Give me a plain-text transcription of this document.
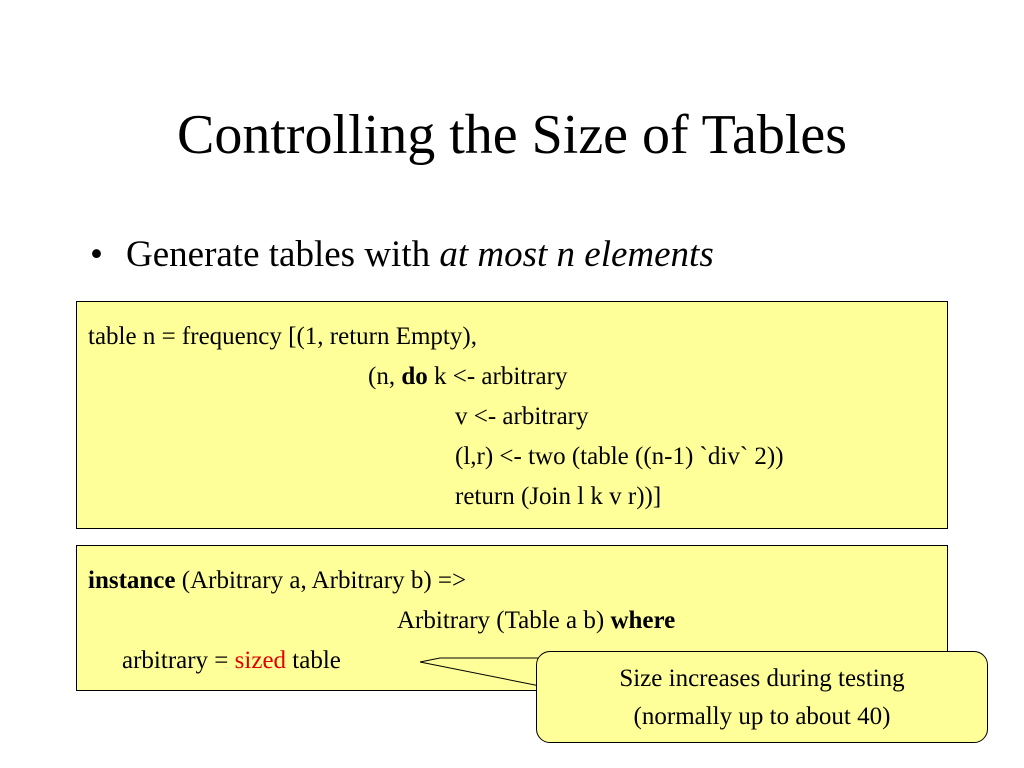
Controlling the Size of Tables
• Generate tables with at most n elements
table n = frequency [(1, return Empty),
(n, do k <- arbitrary
v <- arbitrary
(l,r) <- two (table ((n-1) `div` 2))
return (Join l k v r))]
instance (Arbitrary a, Arbitrary b) =>
Arbitrary (Table a b) where
arbitrary = sized table
Size increases during testing
(normally up to about 40)
